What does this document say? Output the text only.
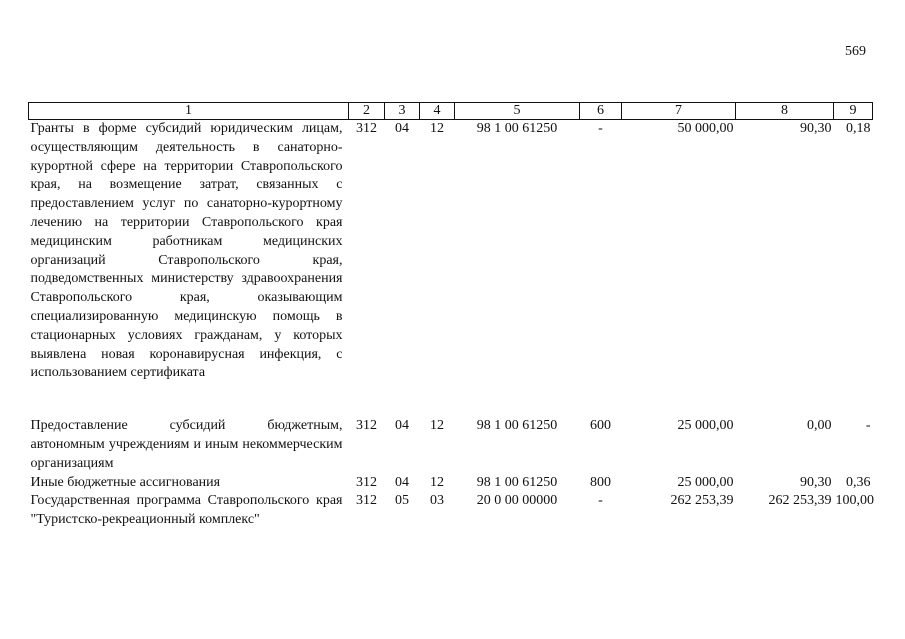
569
1	2	3	4	5	6	7	8	9
Гранты в форме субсидий юридическим лицам, осуществляющим деятельность в санаторно-курортной сфере на территории Ставропольского края, на возмещение затрат, связанных с предоставлением услуг по санаторно-курортному лечению на территории Ставропольского края медицинским работникам медицинских организаций Ставропольского края, подведомственных министерству здравоохранения Ставропольского края, оказывающим специализированную медицинскую помощь в стационарных условиях гражданам, у которых выявлена новая коронавирусная инфекция, с использованием сертификата	312	04	12	98 1 00 61250	-	50 000,00	90,30	0,18

Предоставление субсидий бюджетным, автономным учреждениям и иным некоммерческим организациям	312	04	12	98 1 00 61250	600	25 000,00	0,00	-
Иные бюджетные ассигнования	312	04	12	98 1 00 61250	800	25 000,00	90,30	0,36
Государственная программа Ставропольского края "Туристско-рекреационный комплекс"	312	05	03	20 0 00 00000	-	262 253,39	262 253,39	100,00
